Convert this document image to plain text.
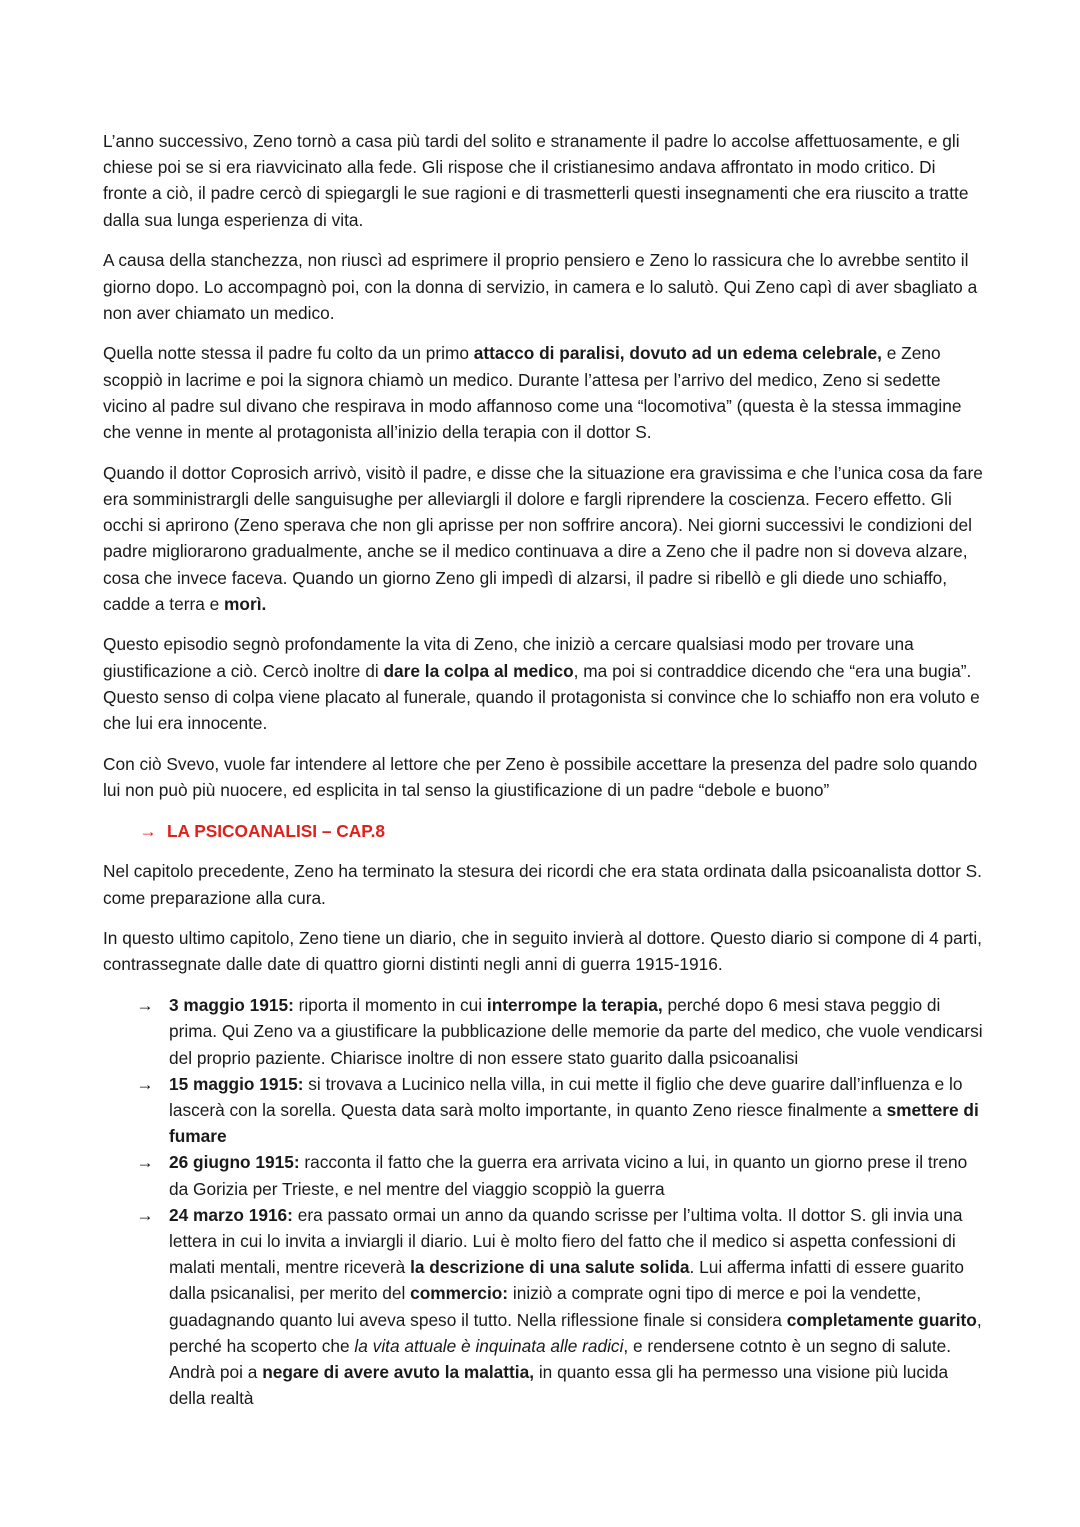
L’anno successivo, Zeno tornò a casa più tardi del solito e stranamente il padre lo accolse affettuosamente, e gli chiese poi se si era riavvicinato alla fede. Gli rispose che il cristianesimo andava affrontato in modo critico. Di fronte a ciò, il padre cercò di spiegargli le sue ragioni e di trasmetterli questi insegnamenti che era riuscito a tratte dalla sua lunga esperienza di vita.

A causa della stanchezza, non riuscì ad esprimere il proprio pensiero e Zeno lo rassicura che lo avrebbe sentito il giorno dopo. Lo accompagnò poi, con la donna di servizio, in camera e lo salutò. Qui Zeno capì di aver sbagliato a non aver chiamato un medico.

Quella notte stessa il padre fu colto da un primo attacco di paralisi, dovuto ad un edema celebrale, e Zeno scoppiò in lacrime e poi la signora chiamò un medico. Durante l’attesa per l’arrivo del medico, Zeno si sedette vicino al padre sul divano che respirava in modo affannoso come una “locomotiva” (questa è la stessa immagine che venne in mente al protagonista all’inizio della terapia con il dottor S.

Quando il dottor Coprosich arrivò, visitò il padre, e disse che la situazione era gravissima e che l’unica cosa da fare era somministrargli delle sanguisughe per alleviargli il dolore e fargli riprendere la coscienza. Fecero effetto. Gli occhi si aprirono (Zeno sperava che non gli aprisse per non soffrire ancora). Nei giorni successivi le condizioni del padre migliorarono gradualmente, anche se il medico continuava a dire a Zeno che il padre non si doveva alzare, cosa che invece faceva. Quando un giorno Zeno gli impedì di alzarsi, il padre si ribellò e gli diede uno schiaffo, cadde a terra e morì.

Questo episodio segnò profondamente la vita di Zeno, che iniziò a cercare qualsiasi modo per trovare una giustificazione a ciò. Cercò inoltre di dare la colpa al medico, ma poi si contraddice dicendo che “era una bugia”. Questo senso di colpa viene placato al funerale, quando il protagonista si convince che lo schiaffo non era voluto e che lui era innocente.

Con ciò Svevo, vuole far intendere al lettore che per Zeno è possibile accettare la presenza del padre solo quando lui non può più nuocere, ed esplicita in tal senso la giustificazione di un padre “debole e buono”

→ LA PSICOANALISI – CAP.8

Nel capitolo precedente, Zeno ha terminato la stesura dei ricordi che era stata ordinata dalla psicoanalista dottor S. come preparazione alla cura.

In questo ultimo capitolo, Zeno tiene un diario, che in seguito invierà al dottore. Questo diario si compone di 4 parti, contrassegnate dalle date di quattro giorni distinti negli anni di guerra 1915-1916.

→ 3 maggio 1915: riporta il momento in cui interrompe la terapia, perché dopo 6 mesi stava peggio di prima. Qui Zeno va a giustificare la pubblicazione delle memorie da parte del medico, che vuole vendicarsi del proprio paziente. Chiarisce inoltre di non essere stato guarito dalla psicoanalisi
→ 15 maggio 1915: si trovava a Lucinico nella villa, in cui mette il figlio che deve guarire dall’influenza e lo lascerà con la sorella. Questa data sarà molto importante, in quanto Zeno riesce finalmente a smettere di fumare
→ 26 giugno 1915: racconta il fatto che la guerra era arrivata vicino a lui, in quanto un giorno prese il treno da Gorizia per Trieste, e nel mentre del viaggio scoppiò la guerra
→ 24 marzo 1916: era passato ormai un anno da quando scrisse per l’ultima volta. Il dottor S. gli invia una lettera in cui lo invita a inviargli il diario. Lui è molto fiero del fatto che il medico si aspetta confessioni di malati mentali, mentre riceverà la descrizione di una salute solida. Lui afferma infatti di essere guarito dalla psicanalisi, per merito del commercio: iniziò a comprate ogni tipo di merce e poi la vendette, guadagnando quanto lui aveva speso il tutto. Nella riflessione finale si considera completamente guarito, perché ha scoperto che la vita attuale è inquinata alle radici, e rendersene cotnto è un segno di salute. Andrà poi a negare di avere avuto la malattia, in quanto essa gli ha permesso una visione più lucida della realtà
